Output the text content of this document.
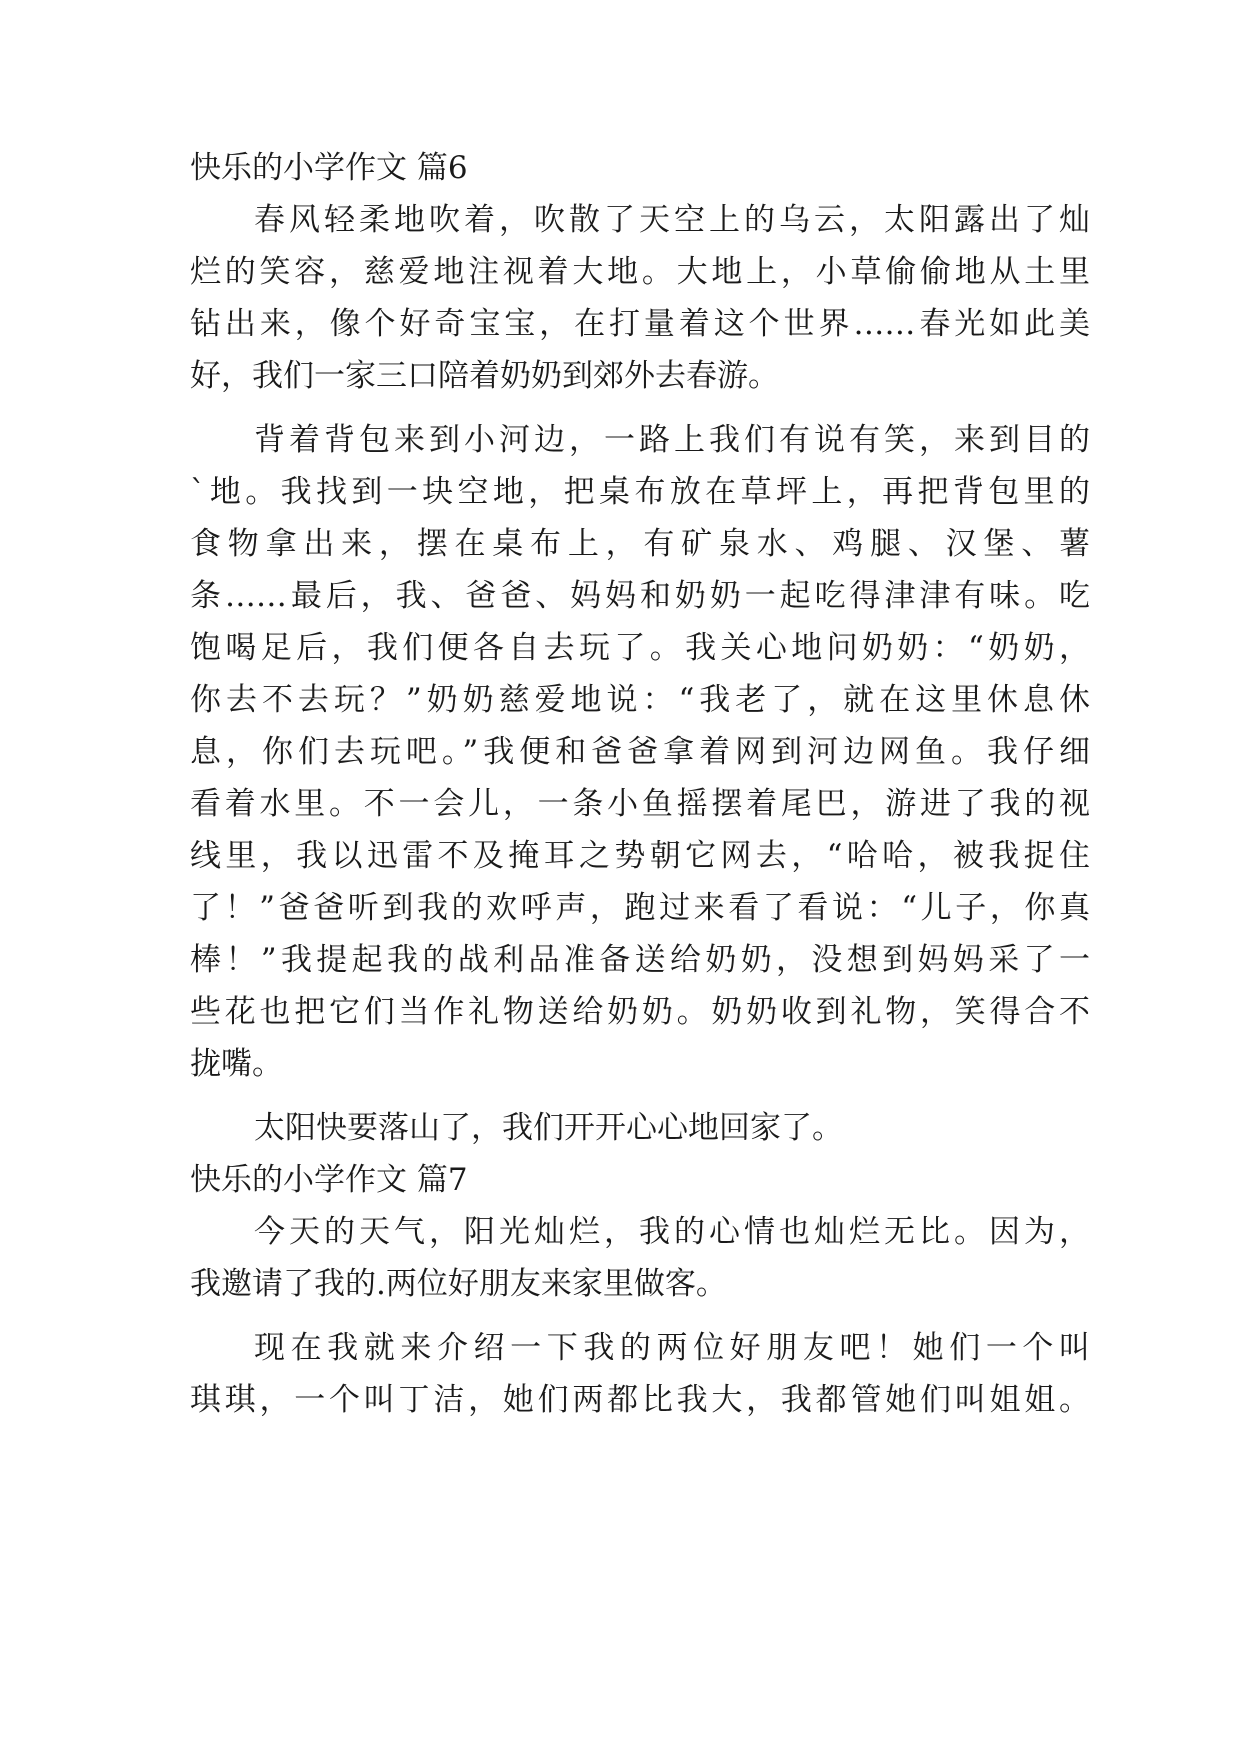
快乐的小学作文 篇6
春风轻柔地吹着，吹散了天空上的乌云，太阳露出了灿
烂的笑容，慈爱地注视着大地。大地上，小草偷偷地从土里
钻出来，像个好奇宝宝，在打量着这个世界……春光如此美
好，我们一家三口陪着奶奶到郊外去春游。
背着背包来到小河边，一路上我们有说有笑，来到目的
`地。我找到一块空地，把桌布放在草坪上，再把背包里的
食物拿出来，摆在桌布上，有矿泉水、鸡腿、汉堡、薯
条……最后，我、爸爸、妈妈和奶奶一起吃得津津有味。吃
饱喝足后，我们便各自去玩了。我关心地问奶奶：“奶奶，
你去不去玩？”奶奶慈爱地说：“我老了，就在这里休息休
息，你们去玩吧。”我便和爸爸拿着网到河边网鱼。我仔细
看着水里。不一会儿，一条小鱼摇摆着尾巴，游进了我的视
线里，我以迅雷不及掩耳之势朝它网去，“哈哈，被我捉住
了！”爸爸听到我的欢呼声，跑过来看了看说：“儿子，你真
棒！”我提起我的战利品准备送给奶奶，没想到妈妈采了一
些花也把它们当作礼物送给奶奶。奶奶收到礼物，笑得合不
拢嘴。
太阳快要落山了，我们开开心心地回家了。
快乐的小学作文 篇7
今天的天气，阳光灿烂，我的心情也灿烂无比。因为，
我邀请了我的.两位好朋友来家里做客。
现在我就来介绍一下我的两位好朋友吧！她们一个叫
琪琪，一个叫丁洁，她们两都比我大，我都管她们叫姐姐。
